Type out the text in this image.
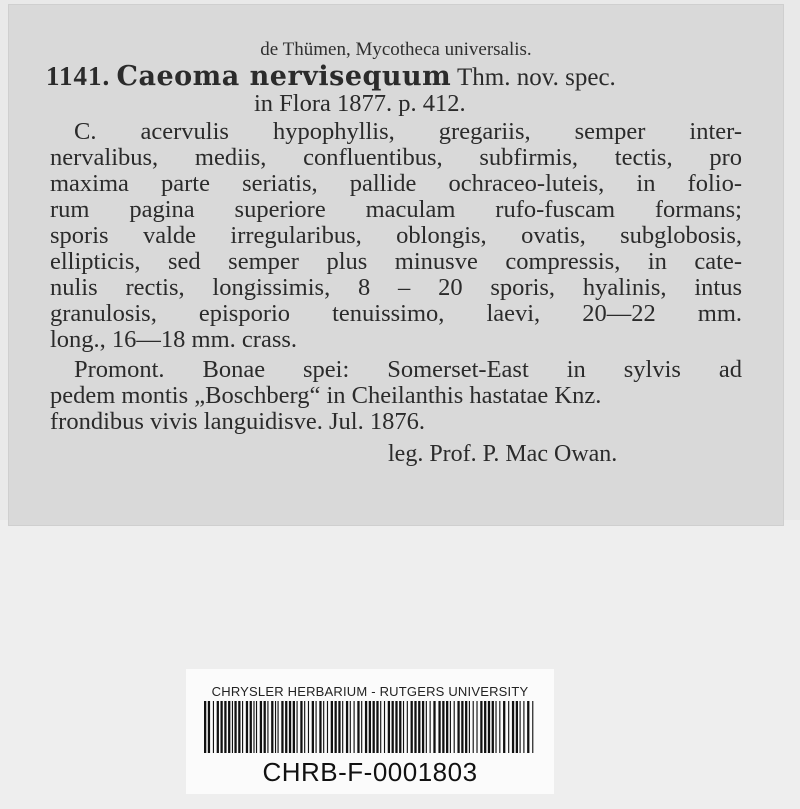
de Thümen, Mycotheca universalis.
1141. Caeoma nervisequum Thm. nov. spec.
in Flora 1877. p. 412.
C. acervulis hypophyllis, gregariis, semper inter-
nervalibus, mediis, confluentibus, subfirmis, tectis, pro
maxima parte seriatis, pallide ochraceo-luteis, in folio-
rum pagina superiore maculam rufo-fuscam formans;
sporis valde irregularibus, oblongis, ovatis, subglobosis,
ellipticis, sed semper plus minusve compressis, in cate-
nulis rectis, longissimis, 8 – 20 sporis, hyalinis, intus
granulosis, episporio tenuissimo, laevi, 20—22 mm.
long., 16—18 mm. crass.
Promont. Bonae spei: Somerset-East in sylvis ad
pedem montis „Boschberg“ in Cheilanthis hastatae Knz.
frondibus vivis languidisve. Jul. 1876.
leg. Prof. P. Mac Owan.
CHRYSLER HERBARIUM - RUTGERS UNIVERSITY
CHRB-F-0001803
